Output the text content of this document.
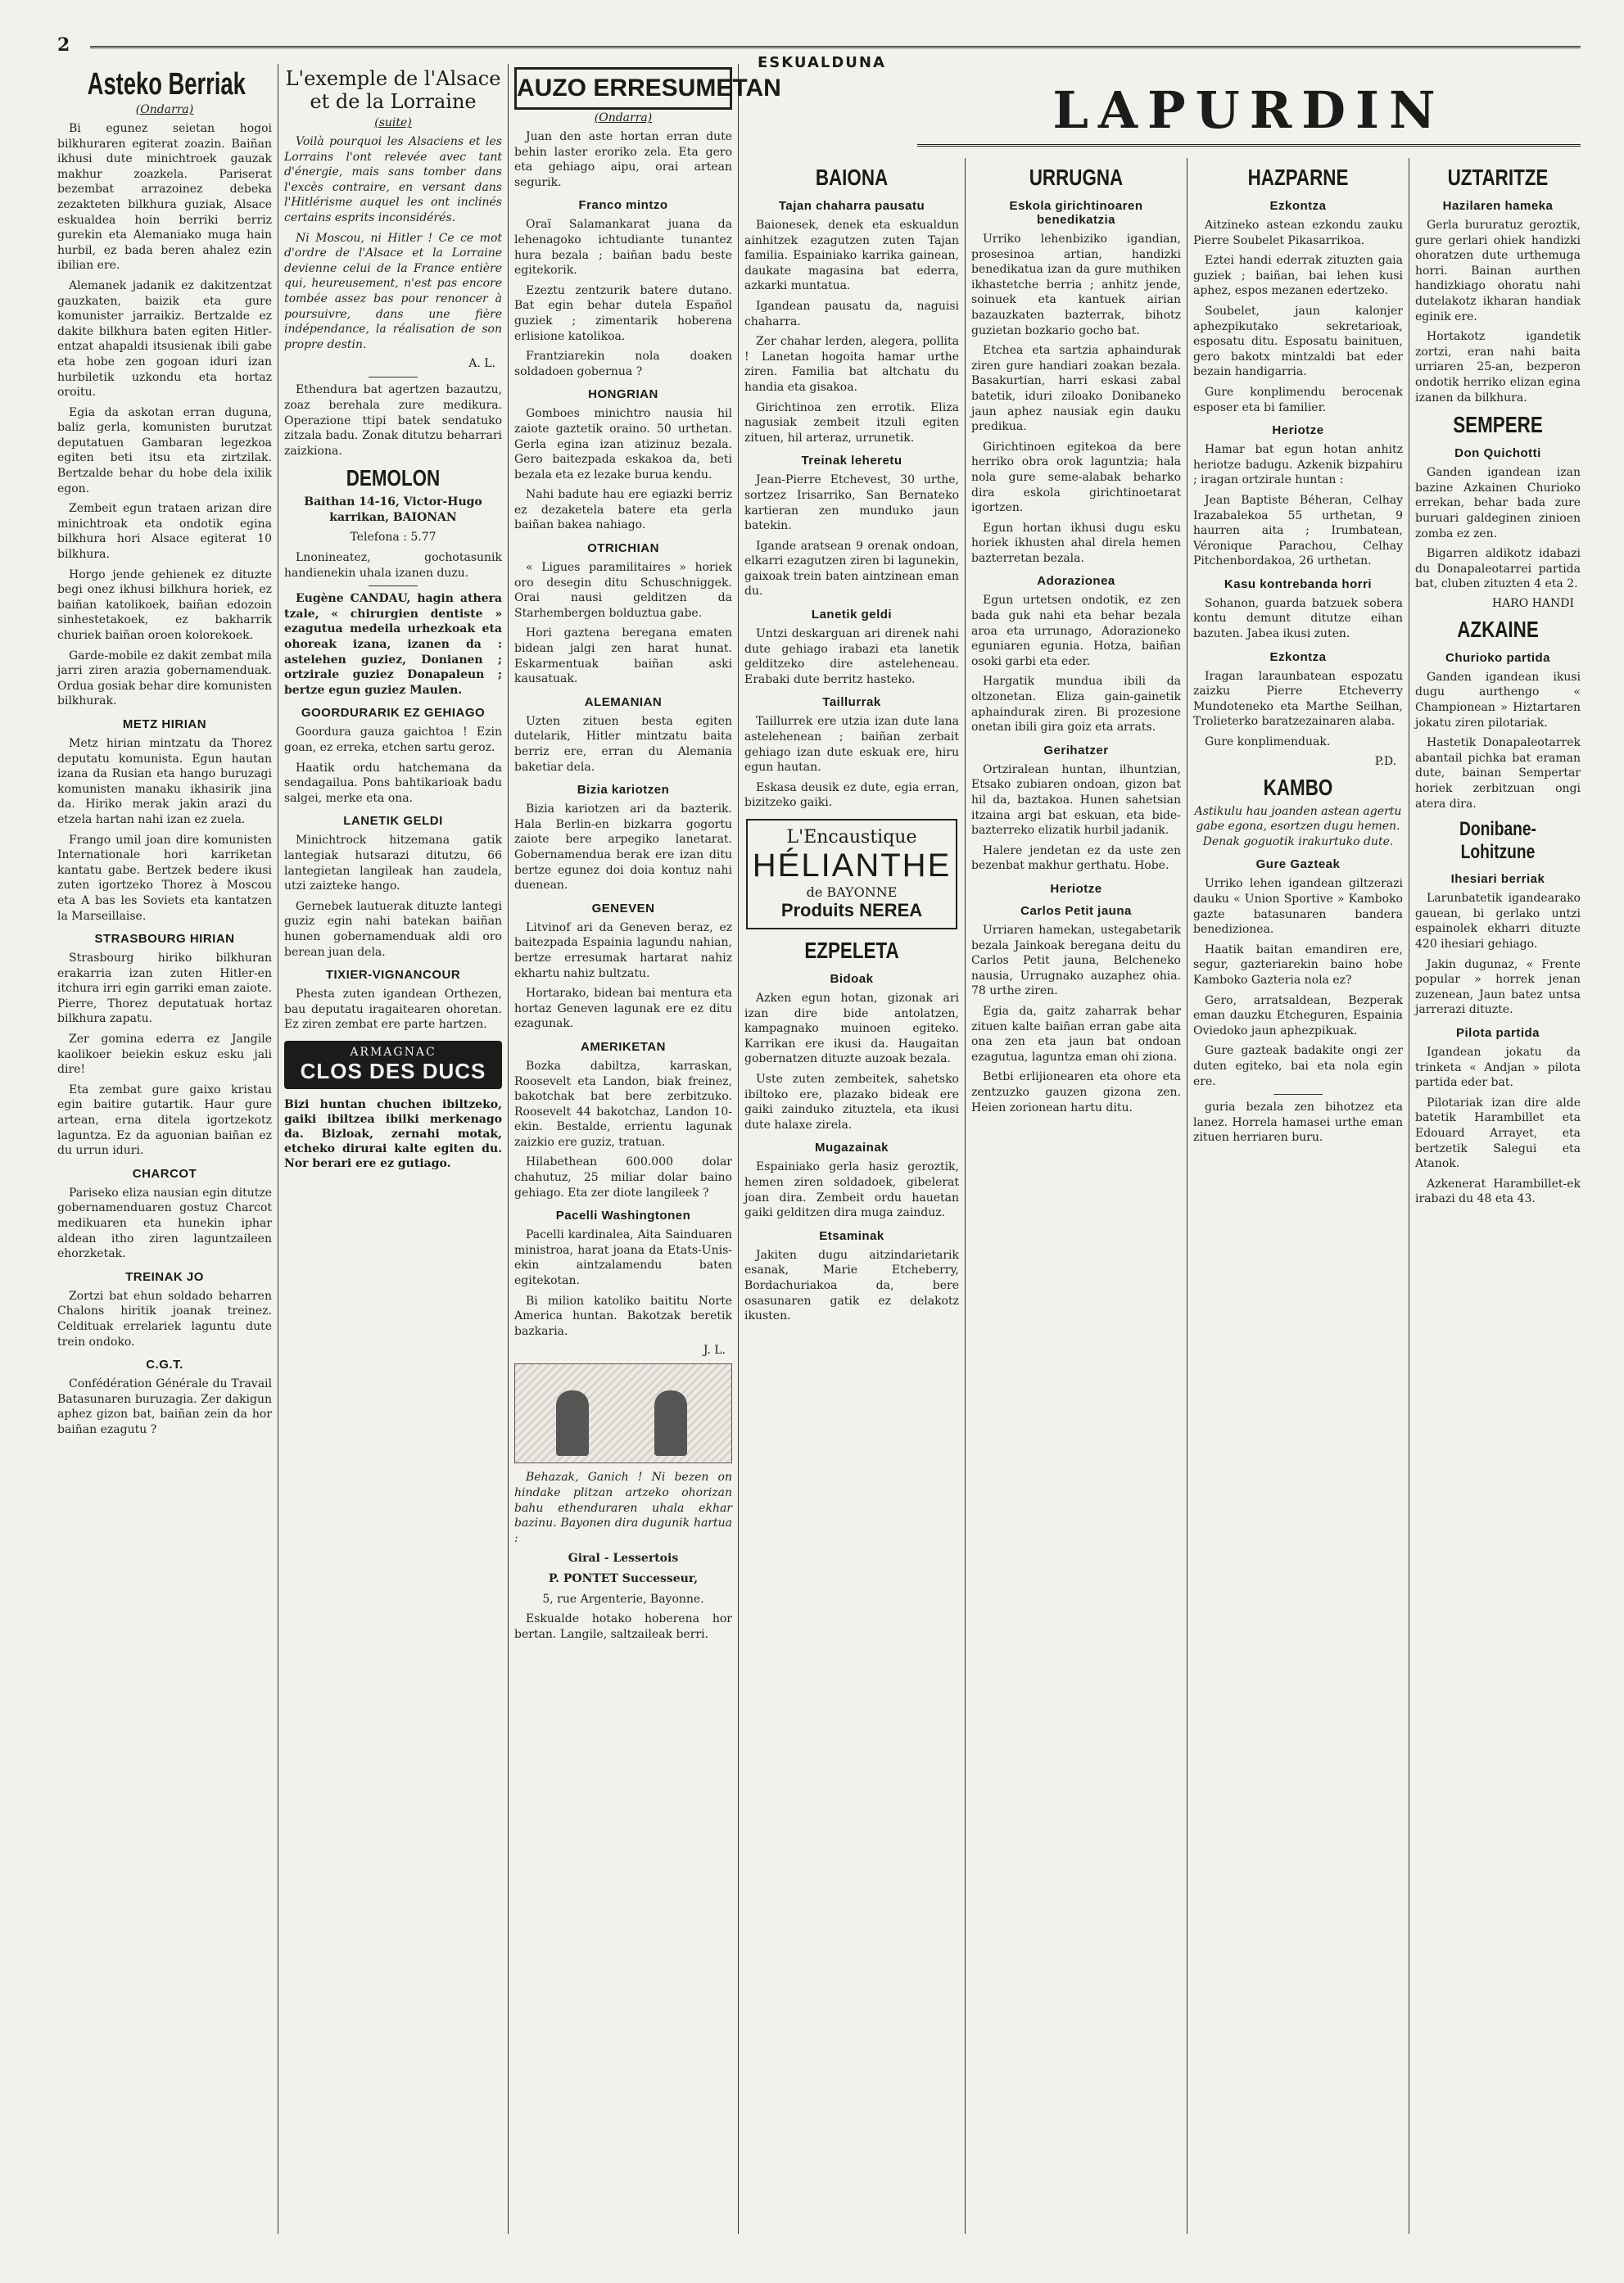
2
ESKUALDUNA
LAPURDIN
Asteko Berriak
(Ondarra)

Bi egunez seietan hogoi bilkhuraren egiterat zoazin. Baiñan ikhusi dute minichtroek gauzak makhur zoazkela. Pariserat bezembat arrazoinez debeka zezakteten bilkhura guziak, Alsace eskualdea hoin berriki berriz gurekin eta Alemaniako muga hain hurbil, ez bada beren ahalez ezin ibilian ere.

Alemanek jadanik ez dakitzentzat gauzkaten, baizik eta gure komunister jarraikiz. Bertzalde ez dakite bilkhura baten egiten Hitler-entzat ahapaldi itsusienak ibili gabe eta hobe zen gogoan iduri izan hurbiletik uzkondu eta hortaz oroitu.

Egia da askotan erran duguna, baliz gerla, komunisten burutzat deputatuen Gambaran legezkoa egiten beti itsu eta zirtzilak. Bertzalde behar du hobe dela ixilik egon.

Zembeit egun trataen arizan dire minichtroak eta ondotik egina bilkhura hori Alsace egiterat 10 bilkhura.

Horgo jende gehienek ez dituzte begi onez ikhusi bilkhura horiek, ez baiñan katolikoek, baiñan edozoin sinhestetakoek, ez bakharrik churiek baiñan oroen kolorekoek.

Garde-mobile ez dakit zembat mila jarri ziren arazia gobernamenduak. Ordua gosiak behar dire komunisten bilkhurak.

METZ HIRIAN

Metz hirian mintzatu da Thorez deputatu komunista. Egun hautan izana da Rusian eta hango buruzagi komunisten manaku ikhasirik jina da. Hiriko merak jakin arazi du etzela hartan nahi izan ez zuela.

Frango umil joan dire komunisten Internationale hori karriketan kantatu gabe. Bertzek bedere ikusi zuten igortzeko Thorez à Moscou eta A bas les Soviets eta kantatzen la Marseillaise.

STRASBOURG HIRIAN

Strasbourg hiriko bilkhuran erakarria izan zuten Hitler-en itchura irri egin garriki eman zaiote. Pierre, Thorez deputatuak hortaz bilkhura zapatu.

Zer gomina ederra ez Jangile kaolikoer beiekin eskuz esku jali dire!

Eta zembat gure gaixo kristau egin baitire gutartik. Haur gure artean, erna ditela igortzekotz laguntza. Ez da aguonian baiñan ez du urrun iduri.

CHARCOT

Pariseko eliza nausian egin ditutze gobernamenduaren gostuz Charcot medikuaren eta hunekin iphar aldean itho ziren laguntzaileen ehorzketak.

TREINAK JO

Zortzi bat ehun soldado beharren Chalons hiritik joanak treinez. Celdituak errelariek laguntu dute trein ondoko.

C.G.T.

Confédération Générale du Travail Batasunaren buruzagia. Zer dakigun aphez gizon bat, baiñan zein da hor baiñan ezagutu ?

L'exemple de l'Alsace et de la Lorraine
(suite)

Voilà pourquoi les Alsaciens et les Lorrains l'ont relevée avec tant d'énergie, mais sans tomber dans l'excès contraire, en versant dans l'Hitlérisme auquel les ont inclinés certains esprits inconsidérés.

Ni Moscou, ni Hitler ! Ce ce mot d'ordre de l'Alsace et la Lorraine devienne celui de la France entière qui, heureusement, n'est pas encore tombée assez bas pour renoncer à poursuivre, dans une fière indépendance, la réalisation de son propre destin.

A. L.

Ethendura bat agertzen bazautzu, zoaz berehala zure medikura. Operazione ttipi batek sendatuko zitzala badu. Zonak ditutzu beharrari zaizkiona.

DEMOLON

Baithan 14-16, Victor-Hugo karrikan, BAIONAN

Telefona : 5.77

Lnonineatez, gochotasunik handienekin uhala izanen duzu.

Eugène CANDAU, hagin athera tzale, « chirurgien dentiste » ezagutua medeila urhezkoak eta ohoreak izana, izanen da : astelehen guziez, Donianen ; ortzirale guziez Donapaleun ; bertze egun guziez Maulen.

GOORDURARIK EZ GEHIAGO

Goordura gauza gaichtoa ! Ezin goan, ez erreka, etchen sartu geroz.

Haatik ordu hatchemana da sendagailua. Pons bahtikarioak badu salgei, merke eta ona.

LANETIK GELDI

Minichtrock hitzemana gatik lantegiak hutsarazi ditutzu, 66 lantegietan langileak han zaudela, utzi zaizteke hango.

Gernebek lautuerak dituzte lantegi guziz egin nahi batekan baiñan hunen gobernamenduak aldi oro berean juan dela.

TIXIER-VIGNANCOUR

Phesta zuten igandean Orthezen, bau deputatu iragaitearen ohoretan. Ez ziren zembat ere parte hartzen.

ARMAGNAC
CLOS DES DUCS
Bizi huntan chuchen ibiltzeko, gaiki ibiltzea ibilki merkenago da. Bizloak, zernahi motak, etcheko dirurai kalte egiten du. Nor berari ere ez gutiago.
AUZO ERRESUMETAN
(Ondarra)

Juan den aste hortan erran dute behin laster eroriko zela. Eta gero eta gehiago aipu, orai artean segurik.

Franco mintzo

Oraï Salamankarat juana da lehenagoko ichtudiante tunantez hura bezala ; baiñan badu beste egitekorik.

Ezeztu zentzurik batere dutano. Bat egin behar dutela Español guziek ; zimentarik hoberena erlisione katolikoa.

Frantziarekin nola doaken soldadoen gobernua ?

HONGRIAN

Gomboes minichtro nausia hil zaiote gaztetik oraino. 50 urthetan. Gerla egina izan atizinuz bezala. Gero baitezpada eskakoa da, beti bezala eta ez lezake burua kendu.

Nahi badute hau ere egiazki berriz ez dezaketela batere eta gerla baiñan bakea nahiago.

OTRICHIAN

« Ligues paramilitaires » horiek oro desegin ditu Schuschniggek. Orai nausi gelditzen da Starhembergen bolduztua gabe.

Hori gaztena beregana ematen bidean jalgi zen harat hunat. Eskarmentuak baiñan aski kausatuak.

ALEMANIAN

Uzten zituen besta egiten dutelarik, Hitler mintzatu baita berriz ere, erran du Alemania baketiar dela.

Bizia kariotzen

Bizia kariotzen ari da bazterik. Hala Berlin-en bizkarra gogortu zaiote bere arpegiko lanetarat. Gobernamendua berak ere izan ditu bertze egunez doi doia kontuz nahi duenean.

GENEVEN

Litvinof ari da Geneven beraz, ez baitezpada Espainia lagundu nahian, bertze erresumak hartarat nahiz ekhartu nahiz bultzatu.

Hortarako, bidean bai mentura eta hortaz Geneven lagunak ere ez ditu ezagunak.

AMERIKETAN

Bozka dabiltza, karraskan, Roosevelt eta Landon, biak freinez, bakotchak bat bere zerbitzuko. Roosevelt 44 bakotchaz, Landon 10-ekin. Bestalde, errientu lagunak zaizkio ere guziz, tratuan.

Hilabethean 600.000 dolar chahutuz, 25 miliar dolar baino gehiago. Eta zer diote langileek ?

Pacelli Washingtonen

Pacelli kardinalea, Aita Sainduaren ministroa, harat joana da Etats-Unis-ekin aintzalamendu baten egitekotan.

Bi milion katoliko baititu Norte America huntan. Bakotzak beretik bazkaria.

J. L.

Behazak, Ganich ! Ni bezen on hindake plitzan artzeko ohorizan bahu ethenduraren uhala ekhar bazinu. Bayonen dira dugunik hartua :

Giral - Lessertois

P. PONTET Successeur,

5, rue Argenterie, Bayonne.

Eskualde hotako hoberena hor bertan. Langile, saltzaileak berri.

BAIONA
Tajan chaharra pausatu

Baionesek, denek eta eskualdun ainhitzek ezagutzen zuten Tajan familia. Espainiako karrika gainean, daukate magasina bat ederra, azkarki muntatua.

Igandean pausatu da, naguisi chaharra.

Zer chahar lerden, alegera, pollita ! Lanetan hogoita hamar urthe ziren. Familia bat altchatu du handia eta gisakoa.

Girichtinoa zen errotik. Eliza nagusiak zembeit itzuli egiten zituen, hil arteraz, urrunetik.

Treinak leheretu

Jean-Pierre Etchevest, 30 urthe, sortzez Irisarriko, San Bernateko kartieran zen munduko jaun batekin.

Igande aratsean 9 orenak ondoan, elkarri ezagutzen ziren bi lagunekin, gaixoak trein baten aintzinean eman du.

Lanetik geldi

Untzi deskarguan ari direnek nahi dute gehiago irabazi eta lanetik gelditzeko dire asteleheneau. Erabaki dute berritz hasteko.

Taillurrak

Taillurrek ere utzia izan dute lana astelehenean ; baiñan zerbait gehiago izan dute eskuak ere, hiru egun hautan.

Eskasa deusik ez dute, egia erran, bizitzeko gaiki.

L'Encaustique
HÉLIANTHE
de BAYONNE
Produits NEREA
EZPELETA
Bidoak

Azken egun hotan, gizonak ari izan dire bide antolatzen, kampagnako muinoen egiteko. Karrikan ere ikusi da. Haugaitan gobernatzen dituzte auzoak bezala.

Uste zuten zembeitek, sahetsko ibiltoko ere, plazako bideak ere gaiki zainduko zituztela, eta ikusi dute halaxe zirela.

Mugazainak

Espainiako gerla hasiz geroztik, hemen ziren soldadoek, gibelerat joan dira. Zembeit ordu hauetan gaiki gelditzen dira muga zainduz.

Etsaminak

Jakiten dugu aitzindarietarik esanak, Marie Etcheberry, Bordachuriakoa da, bere osasunaren gatik ez delakotz ikusten.

URRUGNA
Eskola girichtinoaren benedikatzia

Urriko lehenbiziko igandian, prosesinoa artian, handizki benedikatua izan da gure muthiken ikhastetche berria ; anhitz jende, soinuek eta kantuek airian bazauzkaten bazterrak, bihotz guzietan bozkario gocho bat.

Etchea eta sartzia aphaindurak ziren gure handiari zoakan bezala. Basakurtian, harri eskasi zabal batetik, iduri ziloako Donibaneko jaun aphez nausiak egin dauku predikua.

Girichtinoen egitekoa da bere herriko obra orok laguntzia; hala nola gure seme-alabak beharko dira eskola girichtinoetarat igortzen.

Egun hortan ikhusi dugu esku horiek ikhusten ahal direla hemen bazterretan bezala.

Adorazionea

Egun urtetsen ondotik, ez zen bada guk nahi eta behar bezala aroa eta urrunago, Adorazioneko eguniaren egunia. Hotza, baiñan osoki garbi eta eder.

Hargatik mundua ibili da oltzonetan. Eliza gain-gainetik aphaindurak ziren. Bi prozesione onetan ibili gira goiz eta arrats.

Gerihatzer

Ortziralean huntan, ilhuntzian, Etsako zubiaren ondoan, gizon bat hil da, baztakoa. Hunen sahetsian itzaina argi bat eskuan, eta bide-bazterreko elizatik hurbil jadanik.

Halere jendetan ez da uste zen bezenbat makhur gerthatu. Hobe.

Heriotze
Carlos Petit jauna

Urriaren hamekan, ustegabetarik bezala Jainkoak beregana deitu du Carlos Petit jauna, Belcheneko nausia, Urrugnako auzaphez ohia. 78 urthe ziren.

Egia da, gaitz zaharrak behar zituen kalte baiñan erran gabe aita ona zen eta jaun bat ondoan ezagutua, laguntza eman ohi ziona.

Betbi erlijionearen eta ohore eta zentzuzko gauzen gizona zen. Heien zorionean hartu ditu.

HAZPARNE
Ezkontza

Aitzineko astean ezkondu zauku Pierre Soubelet Pikasarrikoa.

Eztei handi ederrak zituzten gaia guziek ; baiñan, bai lehen kusi aphez, espos mezanen edertzeko.

Soubelet, jaun kalonjer aphezpikutako sekretarioak, esposatu ditu. Esposatu bainituen, gero bakotx mintzaldi bat eder bezain handigarria.

Gure konplimendu berocenak esposer eta bi familier.

Heriotze

Hamar bat egun hotan anhitz heriotze badugu. Azkenik bizpahiru ; iragan ortzirale huntan :

Jean Baptiste Béheran, Celhay Irazabalekoa 55 urthetan, 9 haurren aita ; Irumbatean, Véronique Parachou, Celhay Pitchenbordakoa, 26 urthetan.

Kasu kontrebanda horri

Sohanon, guarda batzuek sobera kontu demunt ditutze eihan bazuten. Jabea ikusi zuten.

Ezkontza

Iragan laraunbatean espozatu zaizku Pierre Etcheverry Mundoteneko eta Marthe Seilhan, Trolieterko baratzezainaren alaba.

Gure konplimenduak.

P.D.
KAMBO

Astikulu hau joanden astean agertu gabe egona, esortzen dugu hemen. Denak goguotik irakurtuko dute.

Gure Gazteak

Urriko lehen igandean giltzerazi dauku « Union Sportive » Kamboko gazte batasunaren bandera benedizionea.

Haatik baitan emandiren ere, segur, gazteriarekin baino hobe Kamboko Gazteria nola ez?

Gero, arratsaldean, Bezperak eman dauzku Etcheguren, Espainia Oviedoko jaun aphezpikuak.

Gure gazteak badakite ongi zer duten egiteko, bai eta nola egin ere.

guria bezala zen bihotzez eta lanez. Horrela hamasei urthe eman zituen herriaren buru.

UZTARITZE
Hazilaren hameka

Gerla bururatuz geroztik, gure gerlari ohiek handizki ohoratzen dute urthemuga horri. Bainan aurthen handizkiago ohoratu nahi dutelakotz ikharan handiak eginik ere.

Hortakotz igandetik zortzi, eran nahi baita urriaren 25-an, bezperon ondotik herriko elizan egina izanen da bilkhura.

SEMPERE
Don Quichotti

Ganden igandean izan bazine Azkainen Churioko errekan, behar bada zure buruari galdeginen zinioen zomba ez zen.

Bigarren aldikotz idabazi du Donapaleotarrei partida bat, cluben zituzten 4 eta 2.

HARO HANDI
AZKAINE
Churioko partida

Ganden igandean ikusi dugu aurthengo « Championean » Hiztartaren jokatu ziren pilotariak.

Hastetik Donapaleotarrek abantail pichka bat eraman dute, bainan Sempertar horiek zerbitzuan ongi atera dira.

Donibane-Lohitzune
Ihesiari berriak

Larunbatetik igandearako gauean, bi gerlako untzi espainolek ekharri dituzte 420 ihesiari gehiago.

Jakin dugunaz, « Frente popular » horrek jenan zuzenean, Jaun batez untsa jarrerazi dituzte.

Pilota partida

Igandean jokatu da trinketa « Andjan » pilota partida eder bat.

Pilotariak izan dire alde batetik Harambillet eta Edouard Arrayet, eta bertzetik Salegui eta Atanok.

Azkenerat Harambillet-ek irabazi du 48 eta 43.
